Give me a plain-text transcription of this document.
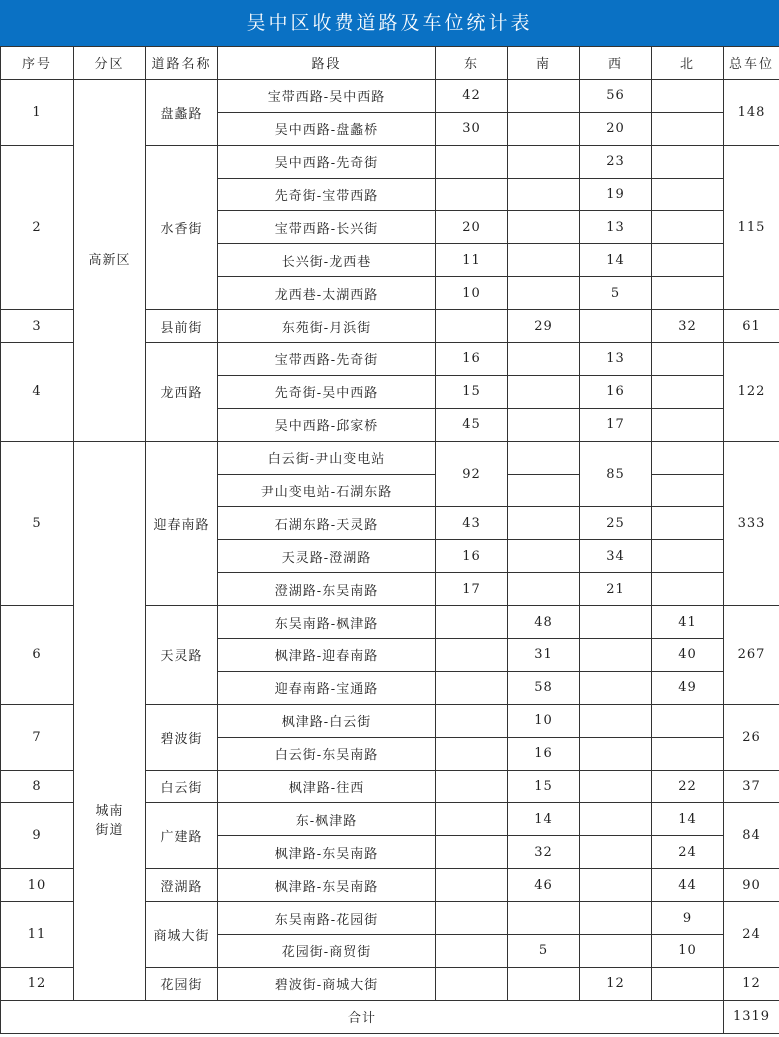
吴中区收费道路及车位统计表
序号	分区	道路名称	路段	东	南	西	北	总车位
1	高新区	盘蠡路	宝带西路-吴中西路	42		56		148
			吴中西路-盘蠡桥	30		20		
2		水香街	吴中西路-先奇街			23		115
			先奇街-宝带西路			19		
			宝带西路-长兴街	20		13		
			长兴街-龙西巷	11		14		
			龙西巷-太湖西路	10		5		
3		县前街	东苑街-月浜街		29		32	61
4		龙西路	宝带西路-先奇街	16		13		122
			先奇街-吴中西路	15		16		
			吴中西路-邱家桥	45		17		
5	城南街道	迎春南路	白云街-尹山变电站	92		85		333
			尹山变电站-石湖东路					
			石湖东路-天灵路	43		25		
			天灵路-澄湖路	16		34		
			澄湖路-东吴南路	17		21		
6		天灵路	东吴南路-枫津路		48		41	267
			枫津路-迎春南路		31		40	
			迎春南路-宝通路		58		49	
7		碧波街	枫津路-白云街		10			26
			白云街-东吴南路		16			
8		白云街	枫津路-往西		15		22	37
9		广建路	东-枫津路		14		14	84
			枫津路-东吴南路		32		24	
10		澄湖路	枫津路-东吴南路		46		44	90
11		商城大街	东吴南路-花园街				9	24
			花园街-商贸街		5		10	
12		花园街	碧波街-商城大街			12		12
合计								1319
